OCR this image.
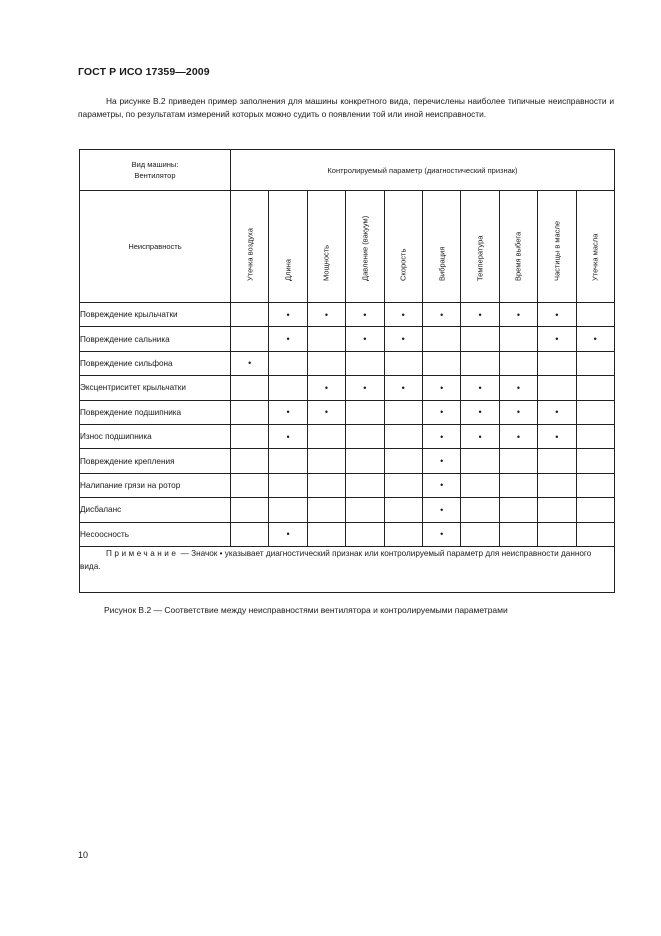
ГОСТ Р ИСО 17359—2009
На рисунке В.2 приведен пример заполнения для машины конкретного вида, перечислены наиболее типичные неисправности и параметры, по результатам измерений которых можно судить о появлении той или иной неисправности.
Вид машины:
Вентилятор	Контролируемый параметр (диагностический признак)									
Неисправность	Утечка воздуха	Длина	Мощность	Давление (вакуум)	Скорость	Вибрация	Температура	Время выбега	Частицы в масле	Утечка масла

Повреждение крыльчатки		•	•	•	•	•	•	•	•	
Повреждение сальника		•		•	•				•	•
Повреждение сильфона	•									
Эксцентриситет крыльчатки			•	•	•	•	•	•		
Повреждение подшипника		•	•			•	•	•	•	
Износ подшипника		•				•	•	•	•	
Повреждение крепления						•				
Налипание грязи на ротор						•				
Дисбаланс						•				
Несоосность		•				•				
Примечание — Значок • указывает диагностический признак или контролируемый параметр для неисправности данного вида.										
Рисунок В.2 — Соответствие между неисправностями вентилятора и контролируемыми параметрами
10
